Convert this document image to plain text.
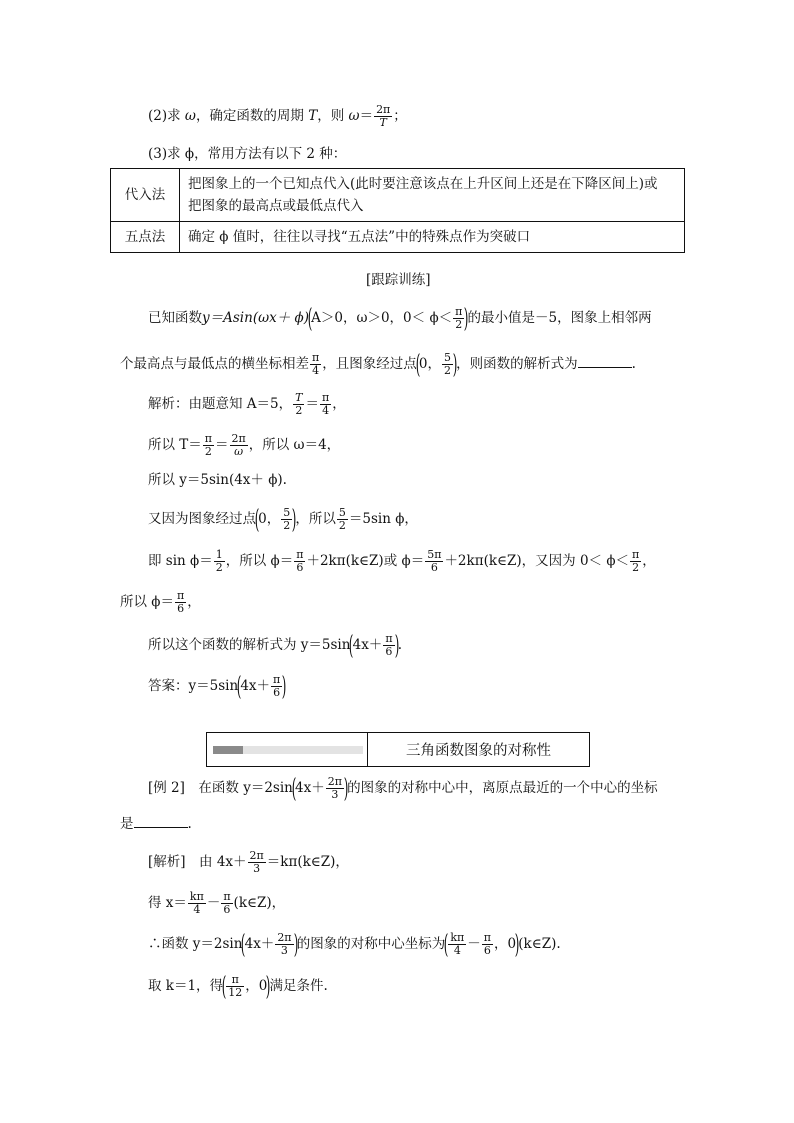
(2)求 ω，确定函数的周期 T，则 $\omega= \frac{2\pi}{T}$ ；
(3)求 ϕ，常用方法有以下 2 种：
代入法	把图象上的一个已知点代入(此时要注意该点在上升区间上还是在下降区间上)或
把图象的最高点或最低点代入
五点法	确定 ϕ 值时，往往以寻找“五点法”中的特殊点作为突破口
[跟踪训练]
已知函数y＝Asin(ωx＋ ϕ)(A＞0，ω＞0，$0< \phi< \frac{\pi}{2}$ )的最小值是－5，图象上相邻两
个最高点与最低点的横坐标相差 $\frac{\pi}{4}$ ，且图象经过点(0， $\frac{5}{2}$ )，则函数的解析式为	.
解析：由题意知 A＝5， $\frac{T}{2} = \frac{\pi}{4}$ ，
所以 $T= \frac{\pi}{2} = \frac{2\pi}{\omega}$ ，所以 ω＝4，
所以 y＝5sin(4x＋ ϕ).
又因为图象经过点(0， $\frac{5}{2}$ )，所以 $\frac{5}{2} =5\sin$ ϕ，
即 $\sin \phi= \frac{1}{2}$ ，所以 $\phi= \frac{\pi}{6}$ ＋2kπ(k∈Z)或 $\phi= \frac{5\pi}{6}$ ＋2kπ(k∈Z)，又因为 $0< \phi< \frac{\pi}{2}$ ，
所以 $\phi= \frac{\pi}{6}$ ，
所以这个函数的解析式为 $y=5\sin(4x+ \frac{\pi}{6}$ ).
答案：$y=5\sin(4x+ \frac{\pi}{6}$ )
三角函数图象的对称性
[例 2]　在函数 $y=2\sin(4x+ \frac{2\pi}{3}$ )的图象的对称中心中，离原点最近的一个中心的坐标
是	.
[解析]　由 $4x+ \frac{2\pi}{3}$ ＝kπ(k∈Z)，
得 $x= \frac{k\pi}{4} - \frac{\pi}{6}$ (k∈Z)，
∴函数 $y=2\sin(4x+ \frac{2\pi}{3}$ )的图象的对称中心坐标为( $\frac{k\pi}{4} - \frac{\pi}{6}$ ，0)(k∈Z).
取 k＝1，得( $\frac{\pi}{12}$ ，0)满足条件.
